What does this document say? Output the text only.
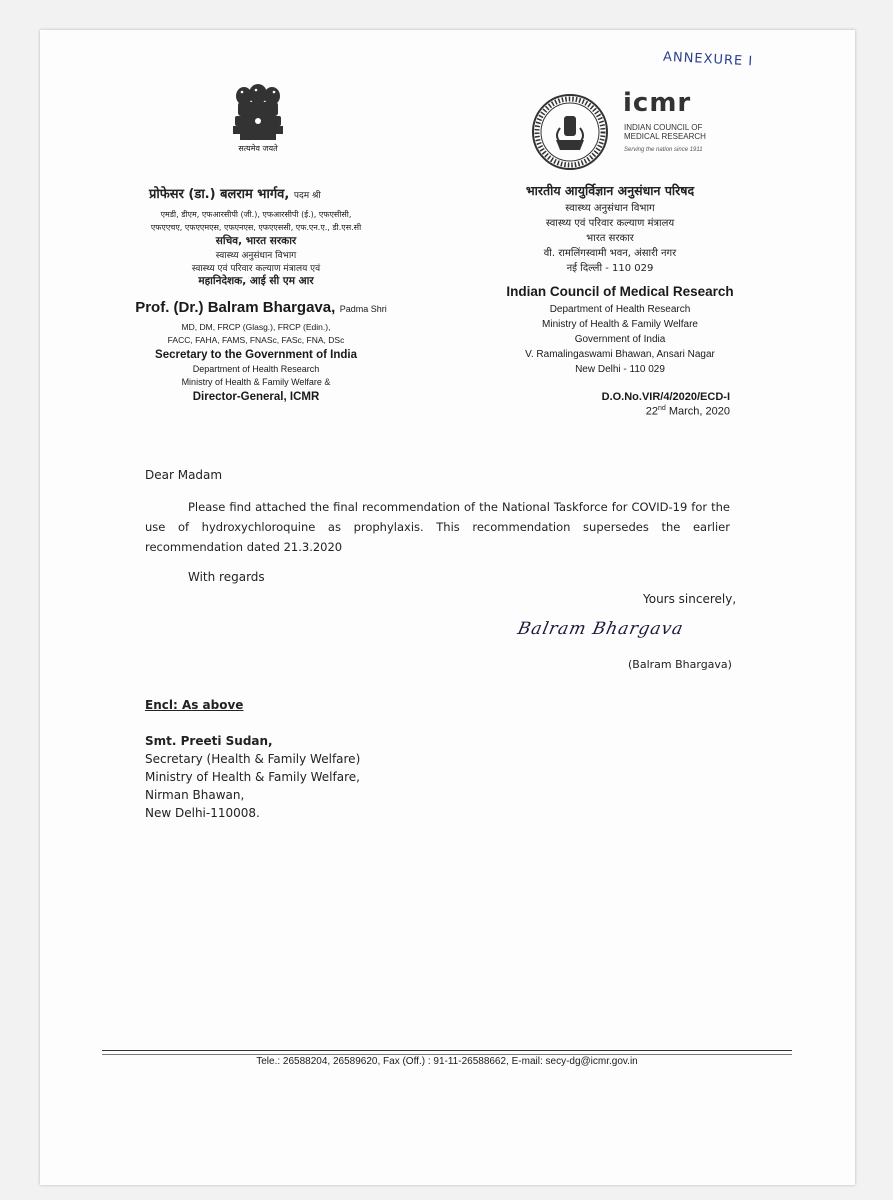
ANNEXURE I
सत्यमेव जयते
प्रोफेसर (डा.) बलराम भार्गव, पदम श्री
एमडी, डीएम, एफआरसीपी (जी.), एफआरसीपी (ई.), एफएसीसी,
एफएएचए, एफएएमएस, एफएनएस, एफएएससी, एफ.एन.ए., डी.एस.सी
सचिव, भारत सरकार
स्वास्थ्य अनुसंधान विभाग
स्वास्थ्य एवं परिवार कल्याण मंत्रालय एवं
महानिदेशक, आई सी एम आर
Prof. (Dr.) Balram Bhargava, Padma Shri
MD, DM, FRCP (Glasg.), FRCP (Edin.),
FACC, FAHA, FAMS, FNASc, FASc, FNA, DSc
Secretary to the Government of India
Department of Health Research
Ministry of Health & Family Welfare &
Director-General, ICMR
icmr
INDIAN COUNCIL OF
MEDICAL RESEARCH
Serving the nation since 1911
भारतीय आयुर्विज्ञान अनुसंधान परिषद
स्वास्थ्य अनुसंधान विभाग
स्वास्थ्य एवं परिवार कल्याण मंत्रालय
भारत सरकार
वी. रामलिंगस्वामी भवन, अंसारी नगर
नई दिल्ली - 110 029
Indian Council of Medical Research
Department of Health Research
Ministry of Health & Family Welfare
Government of India
V. Ramalingaswami Bhawan, Ansari Nagar
New Delhi - 110 029
D.O.No.VIR/4/2020/ECD-I
22nd March, 2020
Dear Madam
Please find attached the final recommendation of the National Taskforce for COVID-19 for the
use of hydroxychloroquine as prophylaxis. This recommendation supersedes the earlier
recommendation dated 21.3.2020
With regards
Yours sincerely,
Balram Bhargava
(Balram Bhargava)
Encl: As above
Smt. Preeti Sudan,
Secretary (Health & Family Welfare)
Ministry of Health & Family Welfare,
Nirman Bhawan,
New Delhi-110008.
Tele.: 26588204, 26589620, Fax (Off.) : 91-11-26588662, E-mail: secy-dg@icmr.gov.in
